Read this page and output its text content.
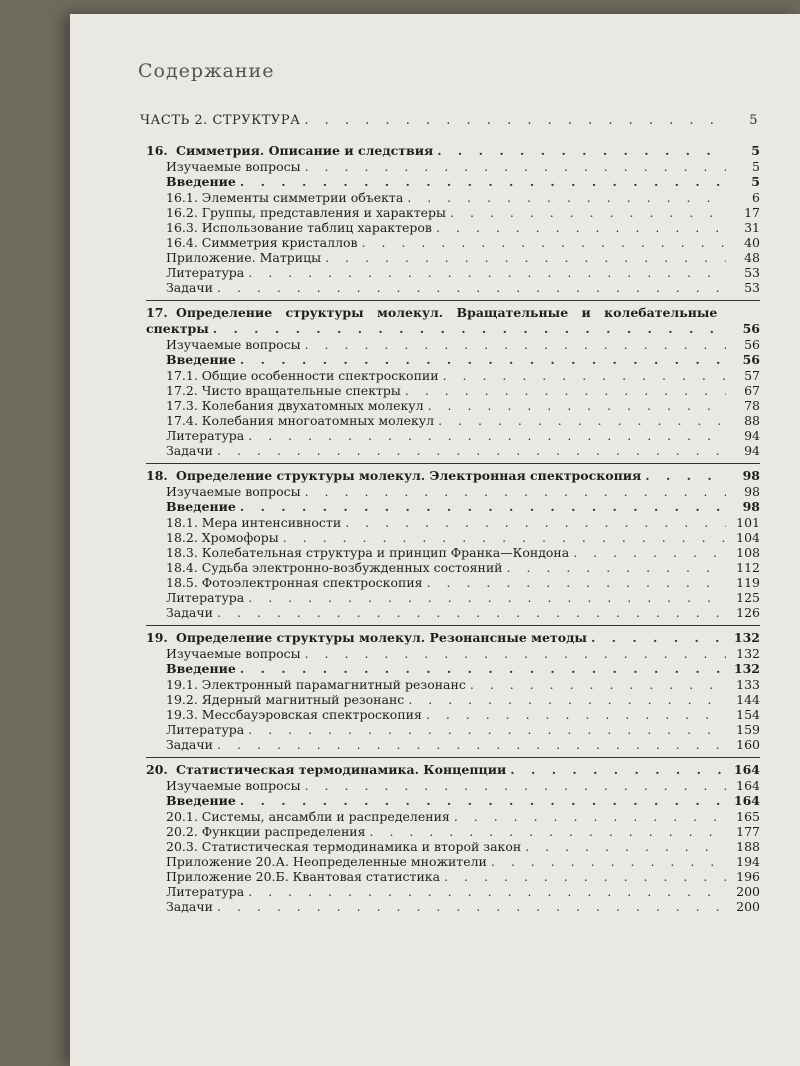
Содержание
ЧАСТЬ 2. СТРУКТУРА . . .	5
16. Симметрия. Описание и следствия . . .	5
Изучаемые вопросы . . .	5
Введение . . .	5
16.1. Элементы симметрии объекта . . .	6
16.2. Группы, представления и характеры . . .	17
16.3. Использование таблиц характеров . . .	31
16.4. Симметрия кристаллов . . .	40
Приложение. Матрицы . . .	48
Литература . . .	53
Задачи . . .	53
17. Определение структуры молекул. Вращательные и колебательные
спектры . . .	56
Изучаемые вопросы . . .	56
Введение . . .	56
17.1. Общие особенности спектроскопии . . .	57
17.2. Чисто вращательные спектры . . .	67
17.3. Колебания двухатомных молекул . . .	78
17.4. Колебания многоатомных молекул . . .	88
Литература . . .	94
Задачи . . .	94
18. Определение структуры молекул. Электронная спектроскопия . . .	98
Изучаемые вопросы . . .	98
Введение . . .	98
18.1. Мера интенсивности . . .	101
18.2. Хромофоры . . .	104
18.3. Колебательная структура и принцип Франка—Кондона . . .	108
18.4. Судьба электронно-возбужденных состояний . . .	112
18.5. Фотоэлектронная спектроскопия . . .	119
Литература . . .	125
Задачи . . .	126
19. Определение структуры молекул. Резонансные методы . . .	132
Изучаемые вопросы . . .	132
Введение . . .	132
19.1. Электронный парамагнитный резонанс . . .	133
19.2. Ядерный магнитный резонанс . . .	144
19.3. Мессбауэровская спектроскопия . . .	154
Литература . . .	159
Задачи . . .	160
20. Статистическая термодинамика. Концепции . . .	164
Изучаемые вопросы . . .	164
Введение . . .	164
20.1. Системы, ансамбли и распределения . . .	165
20.2. Функции распределения . . .	177
20.3. Статистическая термодинамика и второй закон . . .	188
Приложение 20.А. Неопределенные множители . . .	194
Приложение 20.Б. Квантовая статистика . . .	196
Литература . . .	200
Задачи . . .	200
